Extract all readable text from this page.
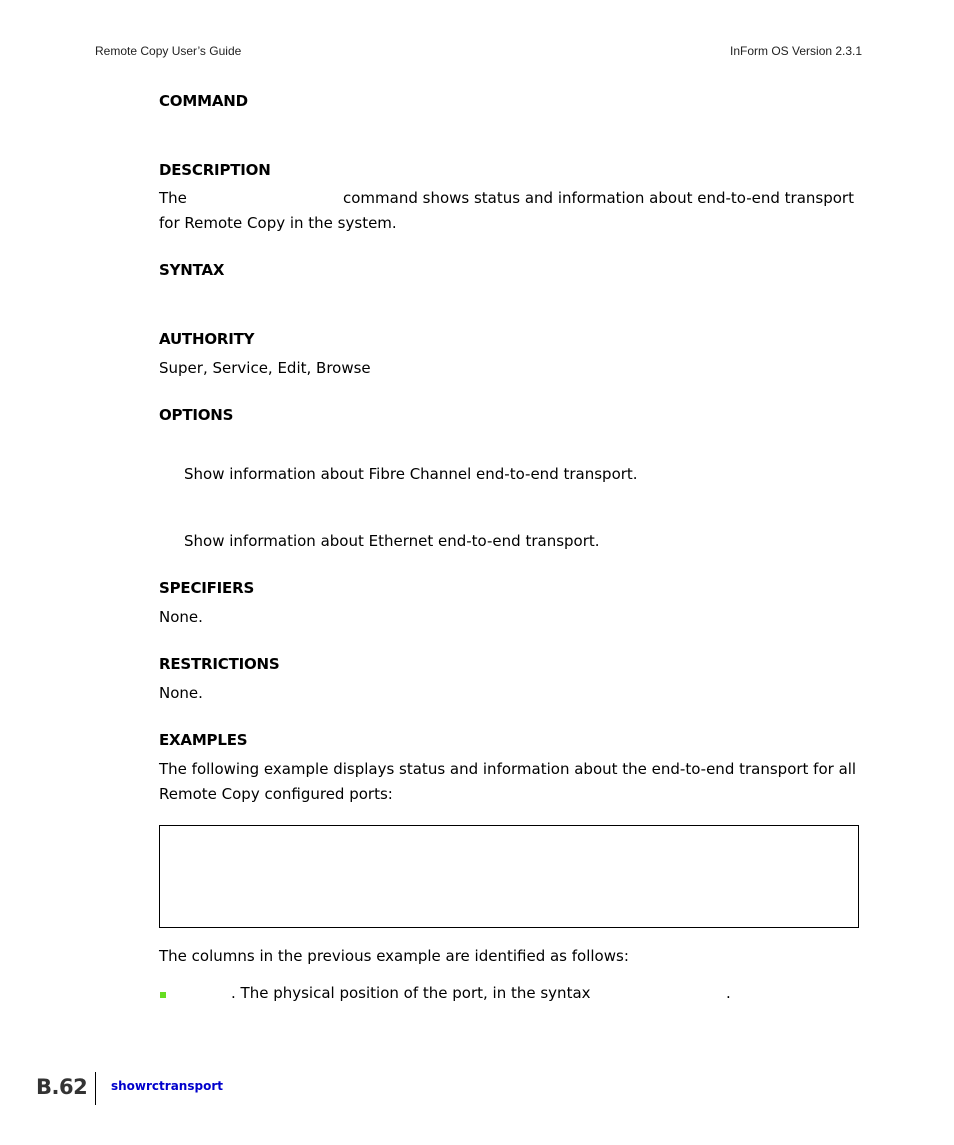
Remote Copy User’s Guide	InForm OS Version 2.3.1
COMMAND
DESCRIPTION
The	command shows status and information about end-to-end transport
for Remote Copy in the system.
SYNTAX
AUTHORITY
Super, Service, Edit, Browse
OPTIONS
Show information about Fibre Channel end-to-end transport.
Show information about Ethernet end-to-end transport.
SPECIFIERS
None.
RESTRICTIONS
None.
EXAMPLES
The following example displays status and information about the end-to-end transport for all
Remote Copy configured ports:
The columns in the previous example are identified as follows:
. The physical position of the port, in the syntax	.
B.62 showrctransport
